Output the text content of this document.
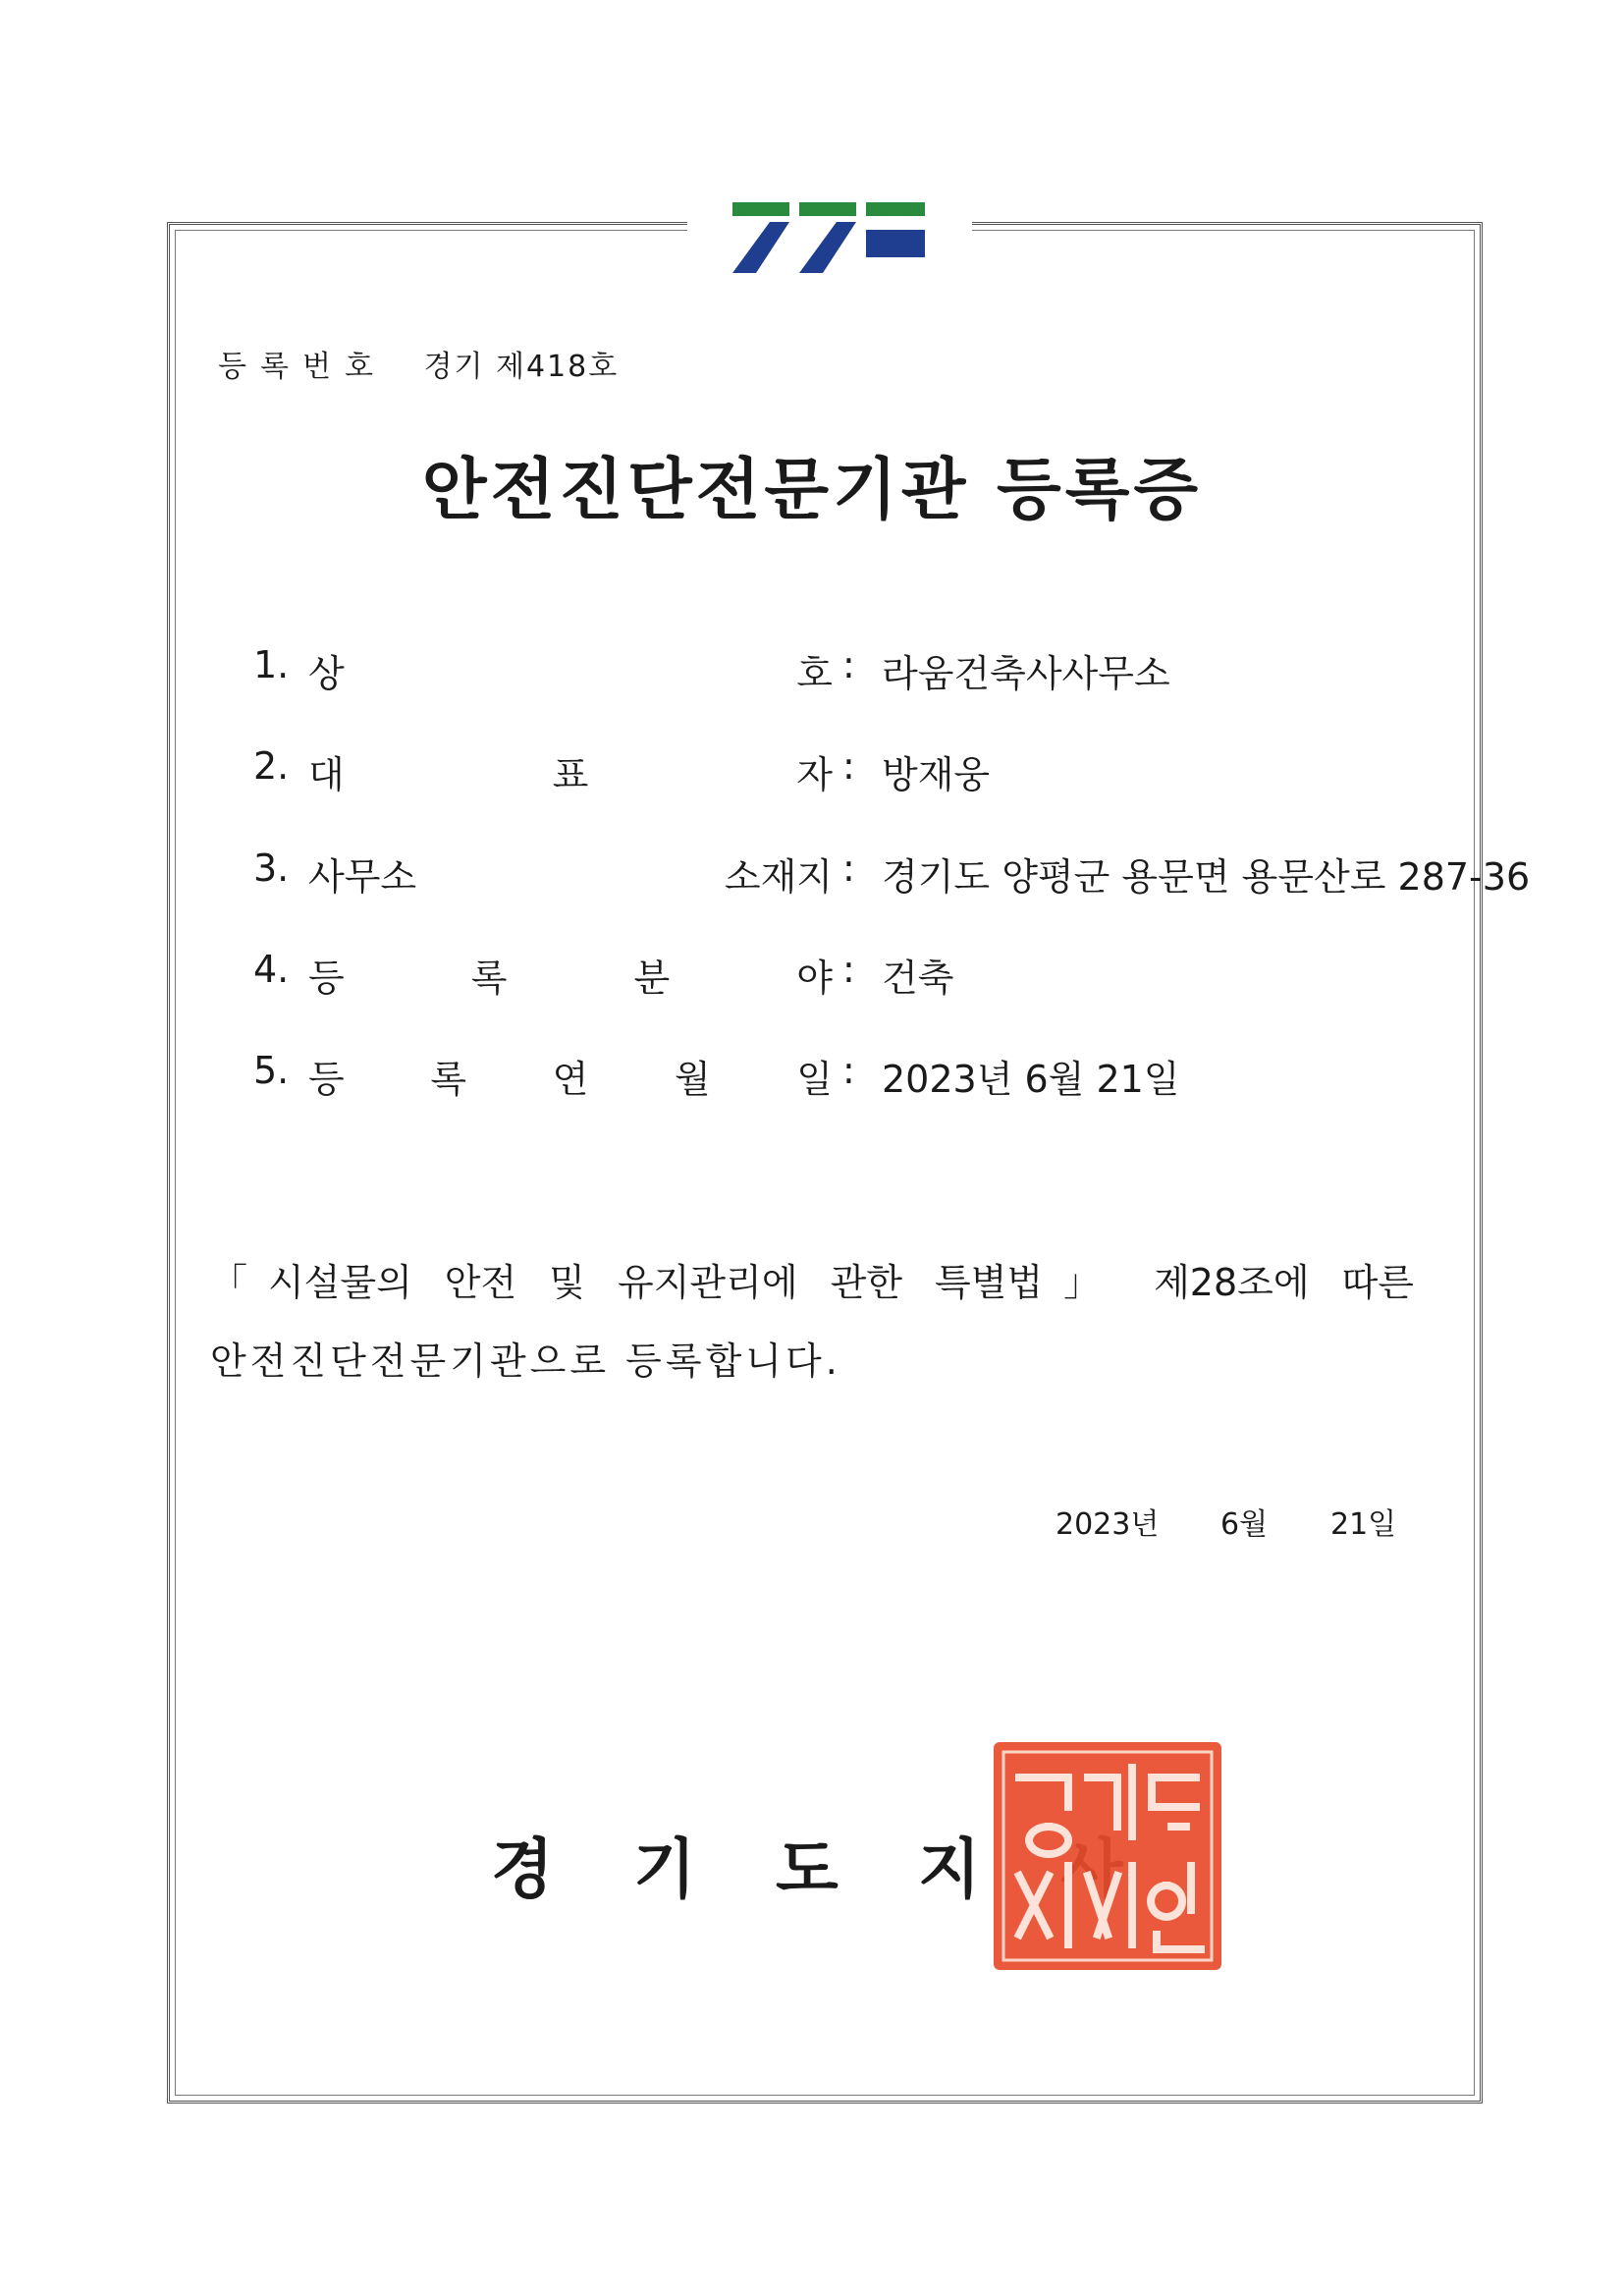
등록번호 경기 제418호
안전진단전문기관 등록증
1. 상	호 : 라움건축사사무소
2. 대	표	자 : 방재웅
3. 사무소	소재지 : 경기도 양평군 용문면 용문산로 287-36
4. 등	록	분	야 : 건축
5. 등 록 연 월 일 : 2023년 6월 21일
「시설물의 안전 및 유지관리에 관한 특별법」 제28조에 따른
안전진단전문기관으로 등록합니다.
2023년 6월 21일
경 기 도 지
